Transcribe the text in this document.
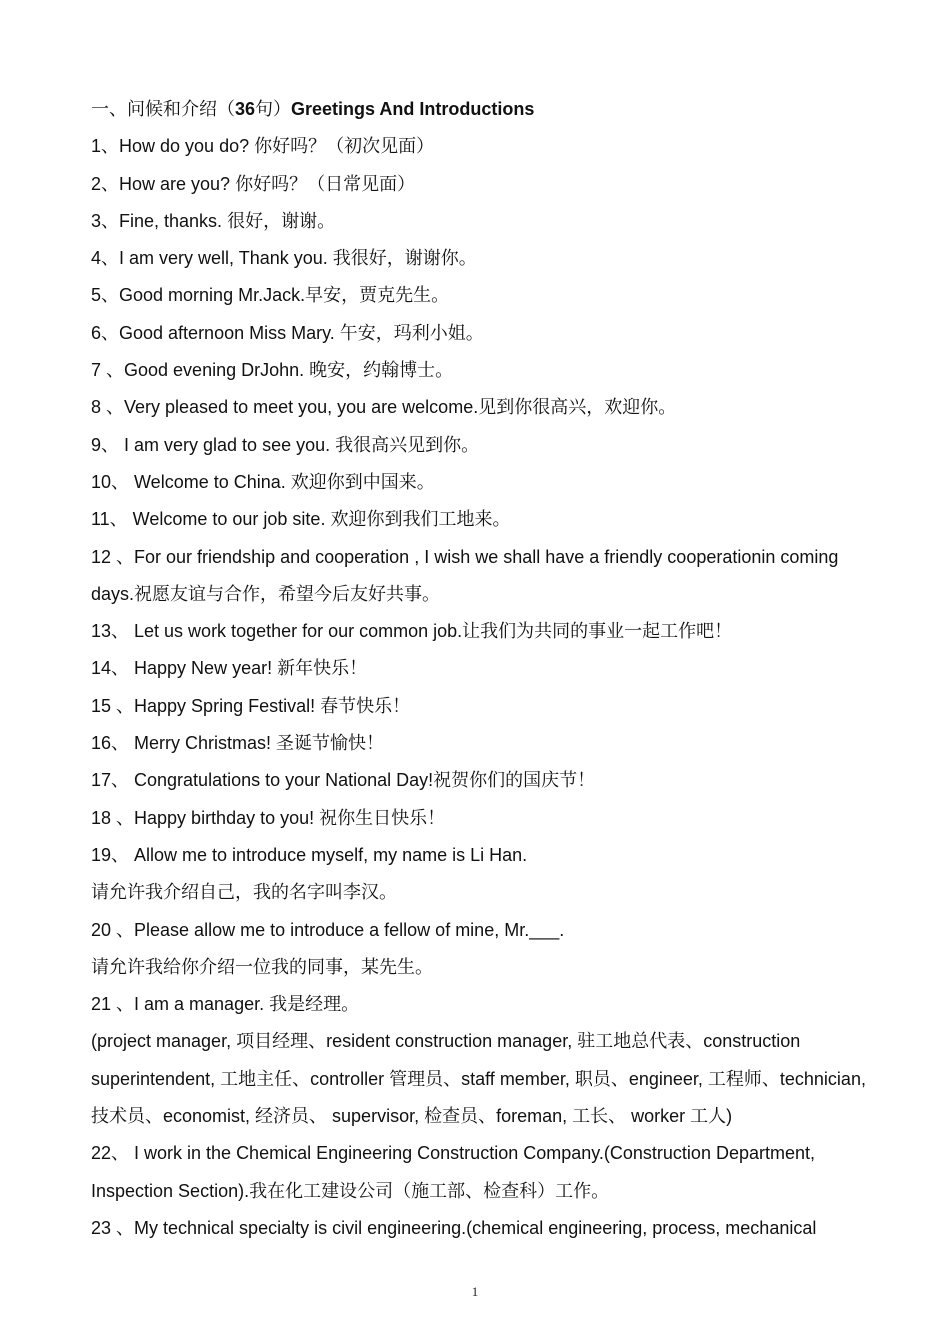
一、问候和介绍（36句）Greetings And Introductions
1、How do you do? 你好吗？（初次见面）
2、How are you? 你好吗？（日常见面）
3、Fine, thanks. 很好，谢谢。
4、I am very well, Thank you. 我很好，谢谢你。
5、Good morning Mr.Jack.早安，贾克先生。
6、Good afternoon Miss Mary. 午安，玛利小姐。
7 、Good evening DrJohn. 晚安，约翰博士。
8 、Very pleased to meet you, you are welcome.见到你很高兴，欢迎你。
9、 I am very glad to see you. 我很高兴见到你。
10、 Welcome to China. 欢迎你到中国来。
11、 Welcome to our job site. 欢迎你到我们工地来。
12 、For our friendship and cooperation , I wish we shall have a friendly cooperationin coming
days.祝愿友谊与合作，希望今后友好共事。
13、 Let us work together for our common job.让我们为共同的事业一起工作吧！
14、 Happy New year! 新年快乐！
15 、Happy Spring Festival! 春节快乐！
16、 Merry Christmas! 圣诞节愉快！
17、 Congratulations to your National Day!祝贺你们的国庆节！
18 、Happy birthday to you! 祝你生日快乐！
19、 Allow me to introduce myself, my name is Li Han.
请允许我介绍自己，我的名字叫李汉。
20 、Please allow me to introduce a fellow of mine, Mr.___.
请允许我给你介绍一位我的同事，某先生。
21 、I am a manager. 我是经理。
(project manager, 项目经理、resident construction manager, 驻工地总代表、construction
superintendent, 工地主任、controller 管理员、staff member, 职员、engineer, 工程师、technician,
技术员、economist, 经济员、 supervisor, 检查员、foreman, 工长、 worker 工人)
22、 I work in the Chemical Engineering Construction Company.(Construction Department,
Inspection Section).我在化工建设公司（施工部、检查科）工作。
23 、My technical specialty is civil engineering.(chemical engineering, process, mechanical
1
